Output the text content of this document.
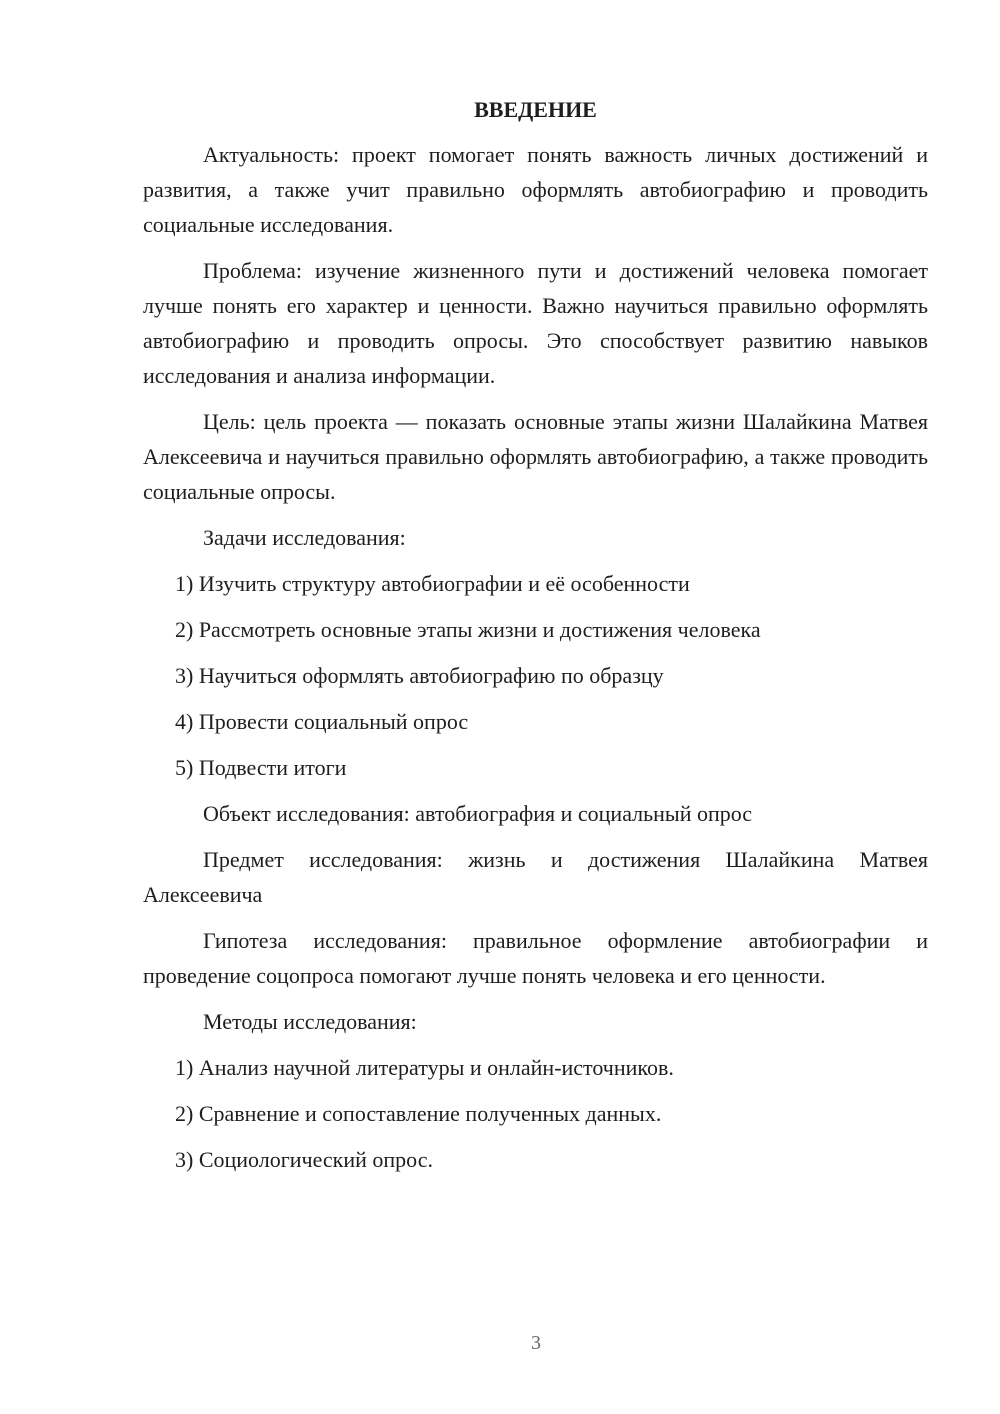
ВВЕДЕНИЕ

Актуальность: проект помогает понять важность личных достижений и развития, а также учит правильно оформлять автобиографию и проводить социальные исследования.

Проблема: изучение жизненного пути и достижений человека помогает лучше понять его характер и ценности. Важно научиться правильно оформлять автобиографию и проводить опросы. Это способствует развитию навыков исследования и анализа информации.

Цель: цель проекта — показать основные этапы жизни Шалайкина Матвея Алексеевича и научиться правильно оформлять автобиографию, а также проводить социальные опросы.

Задачи исследования:

1) Изучить структуру автобиографии и её особенности
2) Рассмотреть основные этапы жизни и достижения человека
3) Научиться оформлять автобиографию по образцу
4) Провести социальный опрос
5) Подвести итоги

Объект исследования: автобиография и социальный опрос

Предмет исследования: жизнь и достижения Шалайкина Матвея Алексеевича

Гипотеза исследования: правильное оформление автобиографии и проведение соцопроса помогают лучше понять человека и его ценности.

Методы исследования:

1) Анализ научной литературы и онлайн-источников.
2) Сравнение и сопоставление полученных данных.
3) Социологический опрос.
3
